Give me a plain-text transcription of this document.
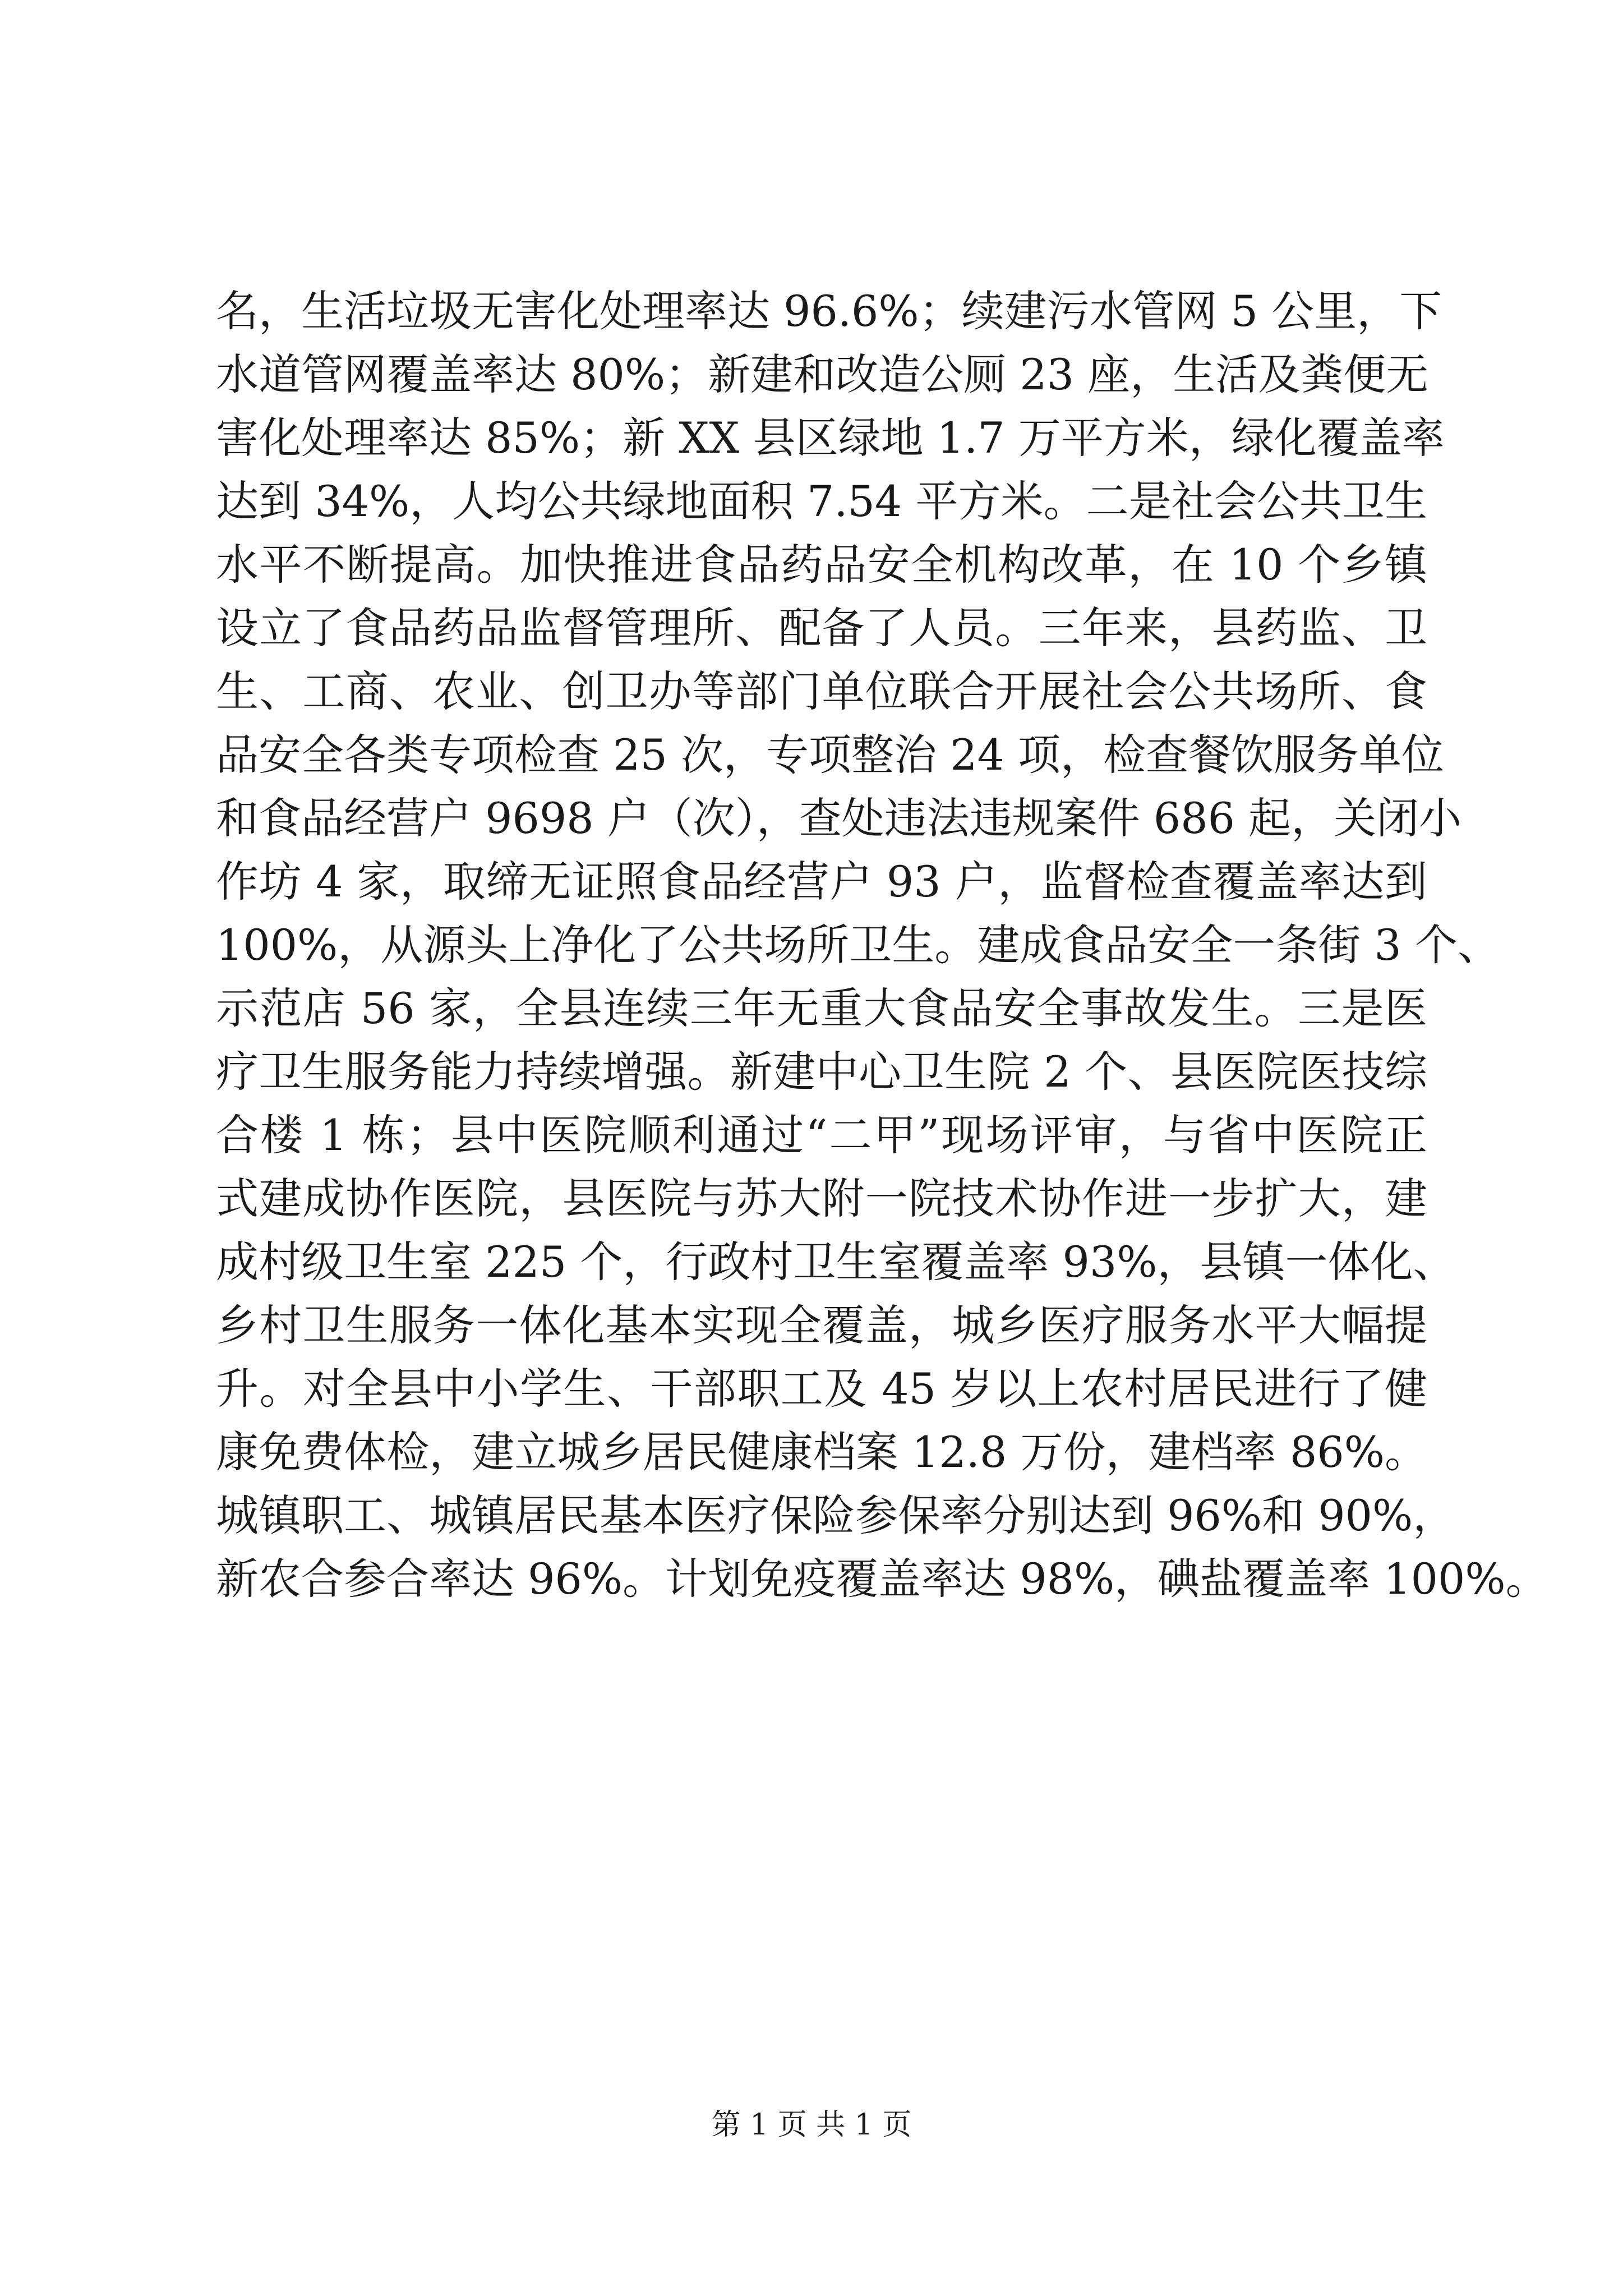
名，生活垃圾无害化处理率达 96.6%；续建污水管网 5 公里，下
水道管网覆盖率达 80%；新建和改造公厕 23 座，生活及粪便无
害化处理率达 85%；新 XX 县区绿地 1.7 万平方米，绿化覆盖率
达到 34%，人均公共绿地面积 7.54 平方米。二是社会公共卫生
水平不断提高。加快推进食品药品安全机构改革，在 10 个乡镇
设立了食品药品监督管理所、配备了人员。三年来，县药监、卫
生、工商、农业、创卫办等部门单位联合开展社会公共场所、食
品安全各类专项检查 25 次，专项整治 24 项，检查餐饮服务单位
和食品经营户 9698 户（次），查处违法违规案件 686 起，关闭小
作坊 4 家，取缔无证照食品经营户 93 户，监督检查覆盖率达到
100%，从源头上净化了公共场所卫生。建成食品安全一条街 3 个、
示范店 56 家，全县连续三年无重大食品安全事故发生。三是医
疗卫生服务能力持续增强。新建中心卫生院 2 个、县医院医技综
合楼 1 栋；县中医院顺利通过“二甲”现场评审，与省中医院正
式建成协作医院，县医院与苏大附一院技术协作进一步扩大，建
成村级卫生室 225 个，行政村卫生室覆盖率 93%，县镇一体化、
乡村卫生服务一体化基本实现全覆盖，城乡医疗服务水平大幅提
升。对全县中小学生、干部职工及 45 岁以上农村居民进行了健
康免费体检，建立城乡居民健康档案 12.8 万份，建档率 86%。
城镇职工、城镇居民基本医疗保险参保率分别达到 96%和 90%，
新农合参合率达 96%。计划免疫覆盖率达 98%，碘盐覆盖率 100%。
第 1 页 共 1 页
